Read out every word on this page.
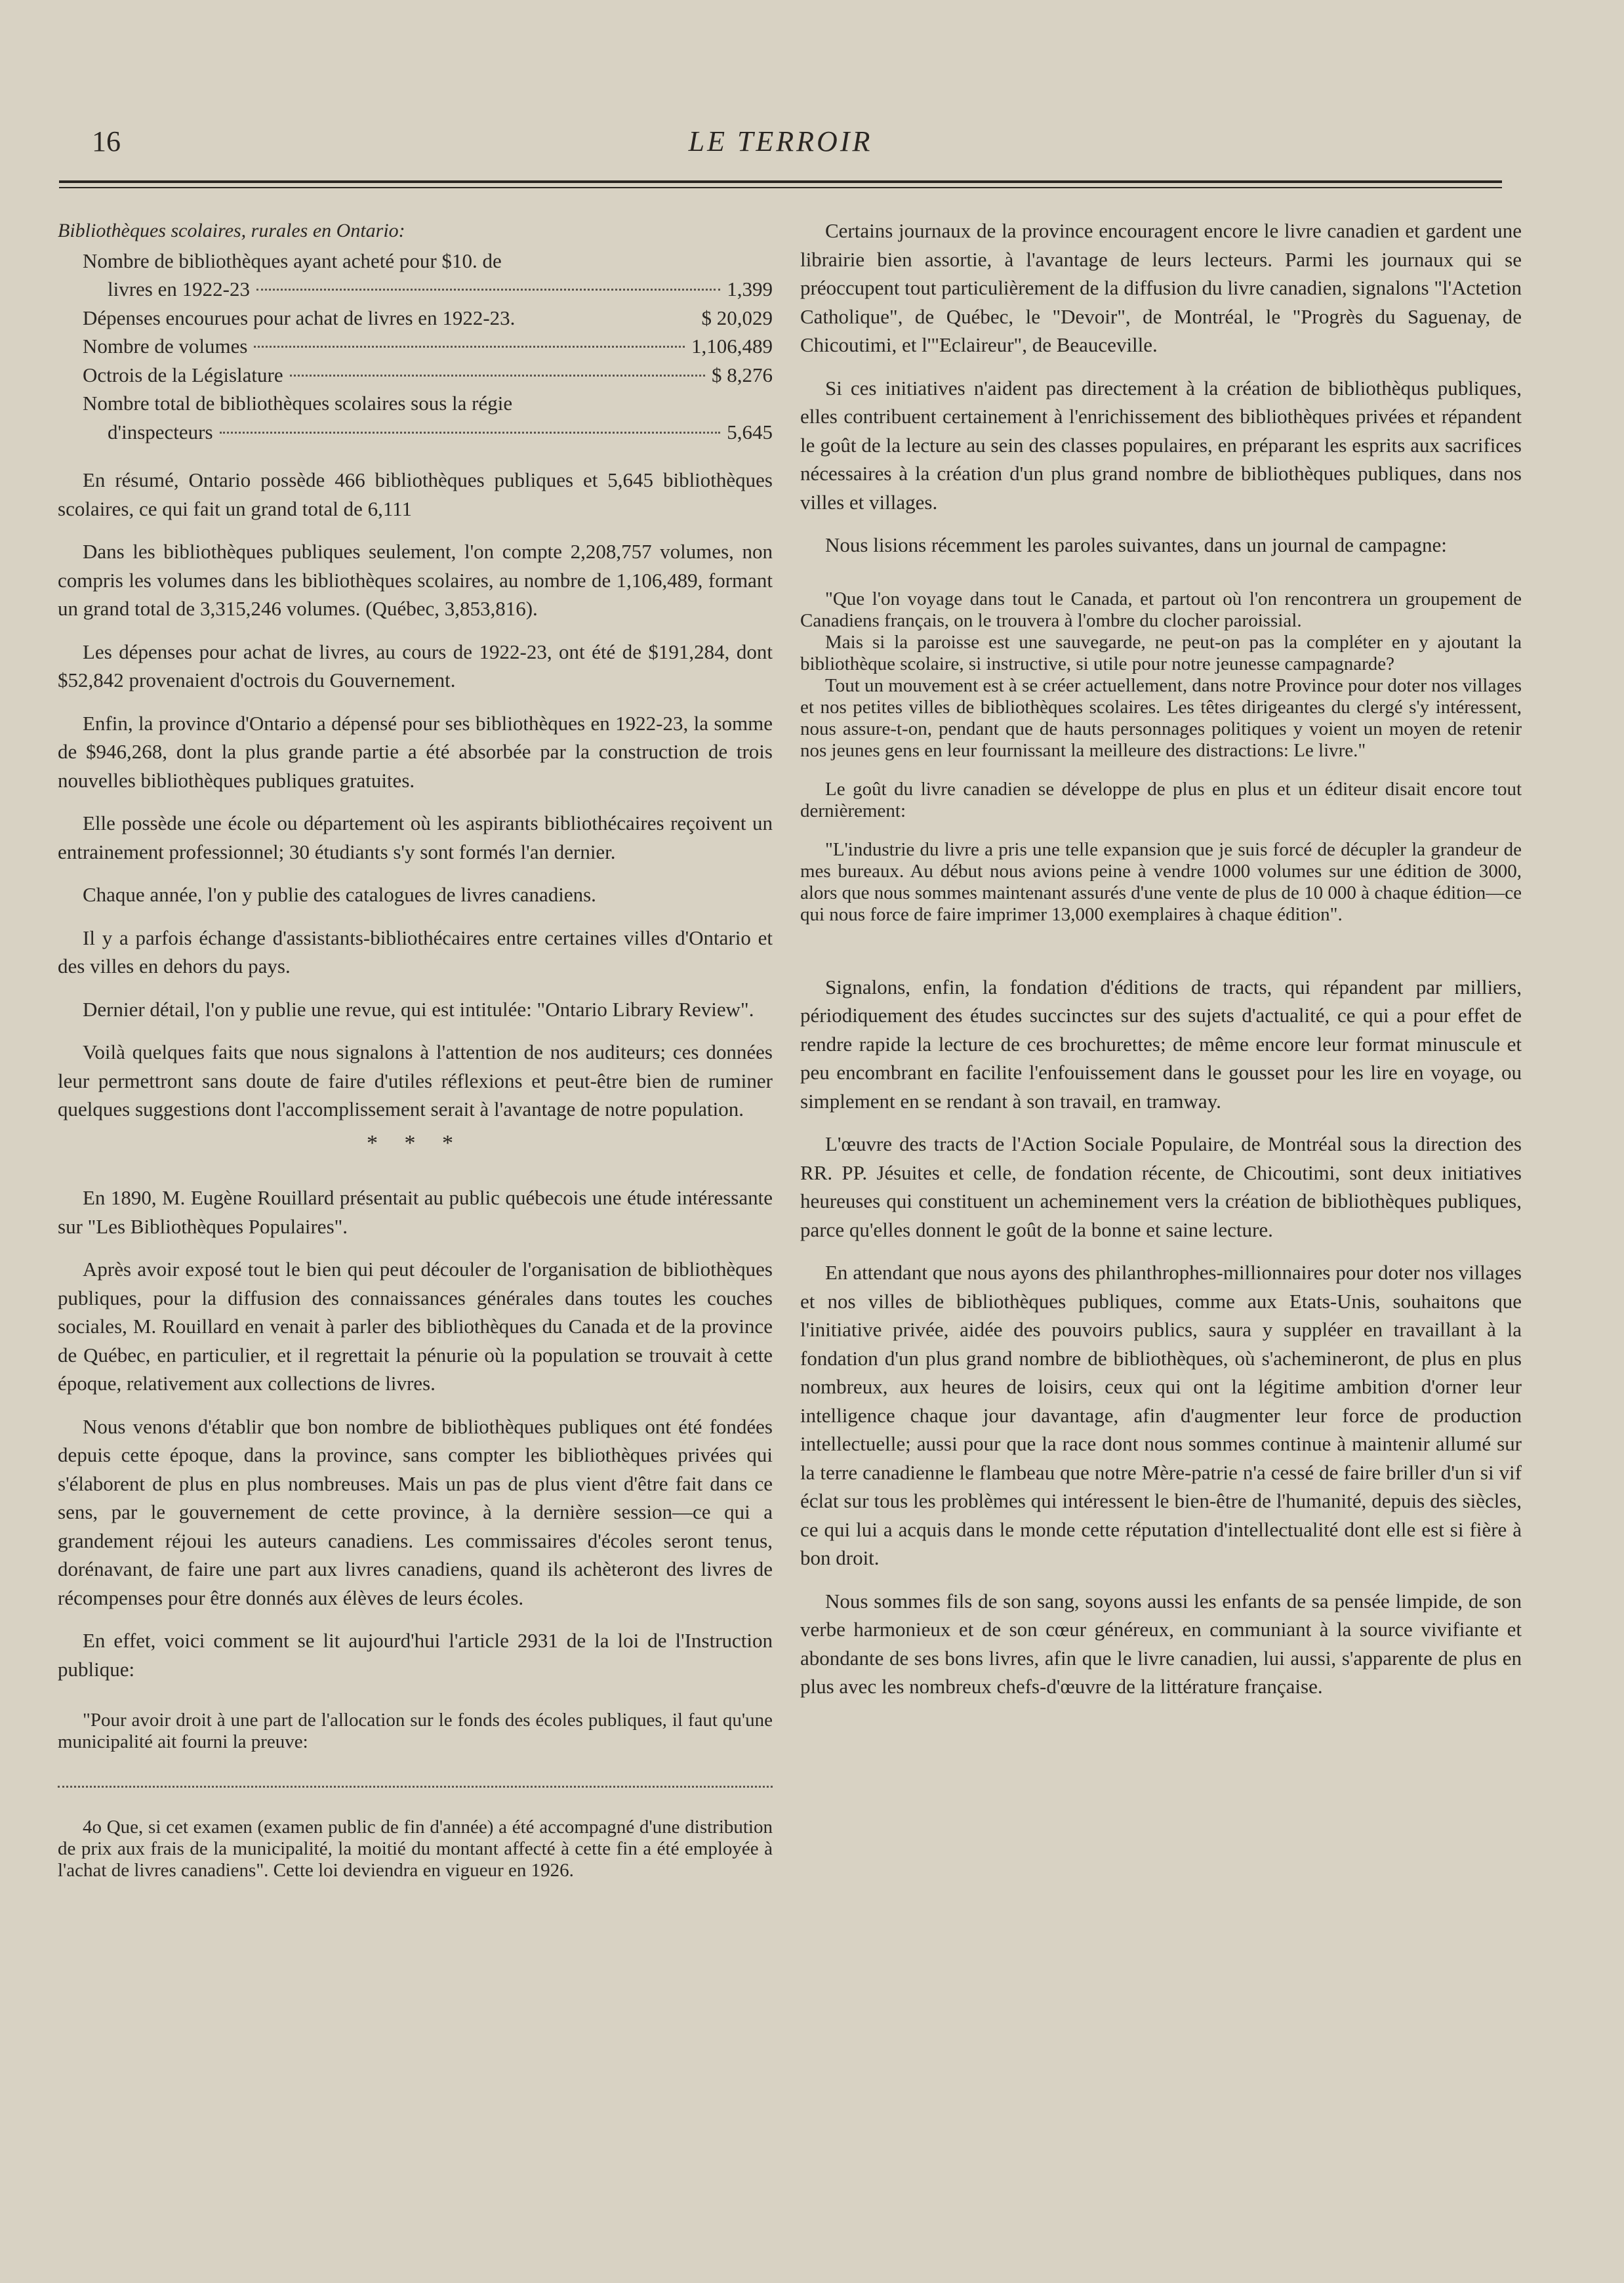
16	LE TERROIR

Bibliothèques scolaires, rurales en Ontario:

Nombre de bibliothèques ayant acheté pour $10. de
livres en 1922-23	1,399
Dépenses encourues pour achat de livres en 1922-23.	$ 20,029
Nombre de volumes	1,106,489
Octrois de la Législature	$ 8,276
Nombre total de bibliothèques scolaires sous la régie
d'inspecteurs	5,645

En résumé, Ontario possède 466 bibliothèques publiques et 5,645 bibliothèques scolaires, ce qui fait un grand total de 6,111

Dans les bibliothèques publiques seulement, l'on compte 2,208,757 volumes, non compris les volumes dans les bibliothèques scolaires, au nombre de 1,106,489, formant un grand total de 3,315,246 volumes. (Québec, 3,853,816).

Les dépenses pour achat de livres, au cours de 1922-23, ont été de $191,284, dont $52,842 provenaient d'octrois du Gouvernement.

Enfin, la province d'Ontario a dépensé pour ses bibliothèques en 1922-23, la somme de $946,268, dont la plus grande partie a été absorbée par la construction de trois nouvelles bibliothèques publiques gratuites.

Elle possède une école ou département où les aspirants bibliothécaires reçoivent un entrainement professionnel; 30 étudiants s'y sont formés l'an dernier.

Chaque année, l'on y publie des catalogues de livres canadiens.

Il y a parfois échange d'assistants-bibliothécaires entre certaines villes d'Ontario et des villes en dehors du pays.

Dernier détail, l'on y publie une revue, qui est intitulée: "Ontario Library Review".

Voilà quelques faits que nous signalons à l'attention de nos auditeurs; ces données leur permettront sans doute de faire d'utiles réflexions et peut-être bien de ruminer quelques suggestions dont l'accomplissement serait à l'avantage de notre population.

* * *

En 1890, M. Eugène Rouillard présentait au public québecois une étude intéressante sur "Les Bibliothèques Populaires".

Après avoir exposé tout le bien qui peut découler de l'organisation de bibliothèques publiques, pour la diffusion des connaissances générales dans toutes les couches sociales, M. Rouillard en venait à parler des bibliothèques du Canada et de la province de Québec, en particulier, et il regrettait la pénurie où la population se trouvait à cette époque, relativement aux collections de livres.

Nous venons d'établir que bon nombre de bibliothèques publiques ont été fondées depuis cette époque, dans la province, sans compter les bibliothèques privées qui s'élaborent de plus en plus nombreuses. Mais un pas de plus vient d'être fait dans ce sens, par le gouvernement de cette province, à la dernière session—ce qui a grandement réjoui les auteurs canadiens. Les commissaires d'écoles seront tenus, dorénavant, de faire une part aux livres canadiens, quand ils achèteront des livres de récompenses pour être donnés aux élèves de leurs écoles.

En effet, voici comment se lit aujourd'hui l'article 2931 de la loi de l'Instruction publique:

"Pour avoir droit à une part de l'allocation sur le fonds des écoles publiques, il faut qu'une municipalité ait fourni la preuve:

4o Que, si cet examen (examen public de fin d'année) a été accompagné d'une distribution de prix aux frais de la municipalité, la moitié du montant affecté à cette fin a été employée à l'achat de livres canadiens". Cette loi deviendra en vigueur en 1926.

Certains journaux de la province encouragent encore le livre canadien et gardent une librairie bien assortie, à l'avantage de leurs lecteurs. Parmi les journaux qui se préoccupent tout particulièrement de la diffusion du livre canadien, signalons "l'Actetion Catholique", de Québec, le "Devoir", de Montréal, le "Progrès du Saguenay, de Chicoutimi, et l'"Eclaireur", de Beauceville.

Si ces initiatives n'aident pas directement à la création de bibliothèqus publiques, elles contribuent certainement à l'enrichissement des bibliothèques privées et répandent le goût de la lecture au sein des classes populaires, en préparant les esprits aux sacrifices nécessaires à la création d'un plus grand nombre de bibliothèques publiques, dans nos villes et villages.

Nous lisions récemment les paroles suivantes, dans un journal de campagne:

"Que l'on voyage dans tout le Canada, et partout où l'on rencontrera un groupement de Canadiens français, on le trouvera à l'ombre du clocher paroissial.

Mais si la paroisse est une sauvegarde, ne peut-on pas la compléter en y ajoutant la bibliothèque scolaire, si instructive, si utile pour notre jeunesse campagnarde?

Tout un mouvement est à se créer actuellement, dans notre Province pour doter nos villages et nos petites villes de bibliothèques scolaires. Les têtes dirigeantes du clergé s'y intéressent, nous assure-t-on, pendant que de hauts personnages politiques y voient un moyen de retenir nos jeunes gens en leur fournissant la meilleure des distractions: Le livre."

Le goût du livre canadien se développe de plus en plus et un éditeur disait encore tout dernièrement:

"L'industrie du livre a pris une telle expansion que je suis forcé de décupler la grandeur de mes bureaux. Au début nous avions peine à vendre 1000 volumes sur une édition de 3000, alors que nous sommes maintenant assurés d'une vente de plus de 10 000 à chaque édition—ce qui nous force de faire imprimer 13,000 exemplaires à chaque édition".

Signalons, enfin, la fondation d'éditions de tracts, qui répandent par milliers, périodiquement des études succinctes sur des sujets d'actualité, ce qui a pour effet de rendre rapide la lecture de ces brochurettes; de même encore leur format minuscule et peu encombrant en facilite l'enfouissement dans le gousset pour les lire en voyage, ou simplement en se rendant à son travail, en tramway.

L'œuvre des tracts de l'Action Sociale Populaire, de Montréal sous la direction des RR. PP. Jésuites et celle, de fondation récente, de Chicoutimi, sont deux initiatives heureuses qui constituent un acheminement vers la création de bibliothèques publiques, parce qu'elles donnent le goût de la bonne et saine lecture.

En attendant que nous ayons des philanthrophes-millionnaires pour doter nos villages et nos villes de bibliothèques publiques, comme aux Etats-Unis, souhaitons que l'initiative privée, aidée des pouvoirs publics, saura y suppléer en travaillant à la fondation d'un plus grand nombre de bibliothèques, où s'achemineront, de plus en plus nombreux, aux heures de loisirs, ceux qui ont la légitime ambition d'orner leur intelligence chaque jour davantage, afin d'augmenter leur force de production intellectuelle; aussi pour que la race dont nous sommes continue à maintenir allumé sur la terre canadienne le flambeau que notre Mère-patrie n'a cessé de faire briller d'un si vif éclat sur tous les problèmes qui intéressent le bien-être de l'humanité, depuis des siècles, ce qui lui a acquis dans le monde cette réputation d'intellectualité dont elle est si fière à bon droit.

Nous sommes fils de son sang, soyons aussi les enfants de sa pensée limpide, de son verbe harmonieux et de son cœur généreux, en communiant à la source vivifiante et abondante de ses bons livres, afin que le livre canadien, lui aussi, s'apparente de plus en plus avec les nombreux chefs-d'œuvre de la littérature française.
